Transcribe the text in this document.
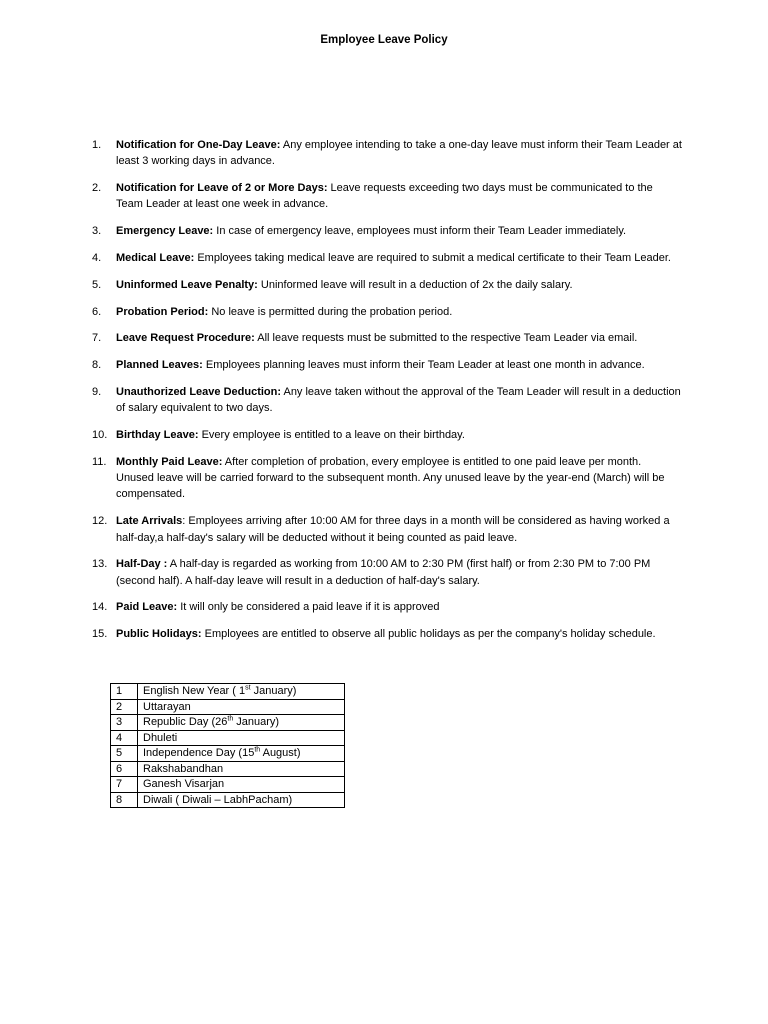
Employee Leave Policy
1.	Notification for One-Day Leave: Any employee intending to take a one-day leave must inform their Team Leader at least 3 working days in advance.
2.	Notification for Leave of 2 or More Days: Leave requests exceeding two days must be communicated to the Team Leader at least one week in advance.
3.	Emergency Leave: In case of emergency leave, employees must inform their Team Leader immediately.
4.	Medical Leave: Employees taking medical leave are required to submit a medical certificate to their Team Leader.
5.	Uninformed Leave Penalty: Uninformed leave will result in a deduction of 2x the daily salary.
6.	Probation Period: No leave is permitted during the probation period.
7.	Leave Request Procedure: All leave requests must be submitted to the respective Team Leader via email.
8.	Planned Leaves: Employees planning leaves must inform their Team Leader at least one month in advance.
9.	Unauthorized Leave Deduction: Any leave taken without the approval of the Team Leader will result in a deduction of salary equivalent to two days.
10. Birthday Leave: Every employee is entitled to a leave on their birthday.
11. Monthly Paid Leave: After completion of probation, every employee is entitled to one paid leave per month. Unused leave will be carried forward to the subsequent month. Any unused leave by the year-end (March) will be compensated.
12. Late Arrivals: Employees arriving after 10:00 AM for three days in a month will be considered as having worked a half-day,a half-day's salary will be deducted without it being counted as paid leave.
13. Half-Day : A half-day is regarded as working from 10:00 AM to 2:30 PM (first half) or from 2:30 PM to 7:00 PM (second half). A half-day leave will result in a deduction of half-day's salary.
14. Paid Leave: It will only be considered a paid leave if it is approved
15. Public Holidays: Employees are entitled to observe all public holidays as per the company's holiday schedule.
1	English New Year ( 1st January)
2	Uttarayan
3	Republic Day (26th January)
4	Dhuleti
5	Independence Day (15th August)
6	Rakshabandhan
7	Ganesh Visarjan
8	Diwali ( Diwali – LabhPacham)
